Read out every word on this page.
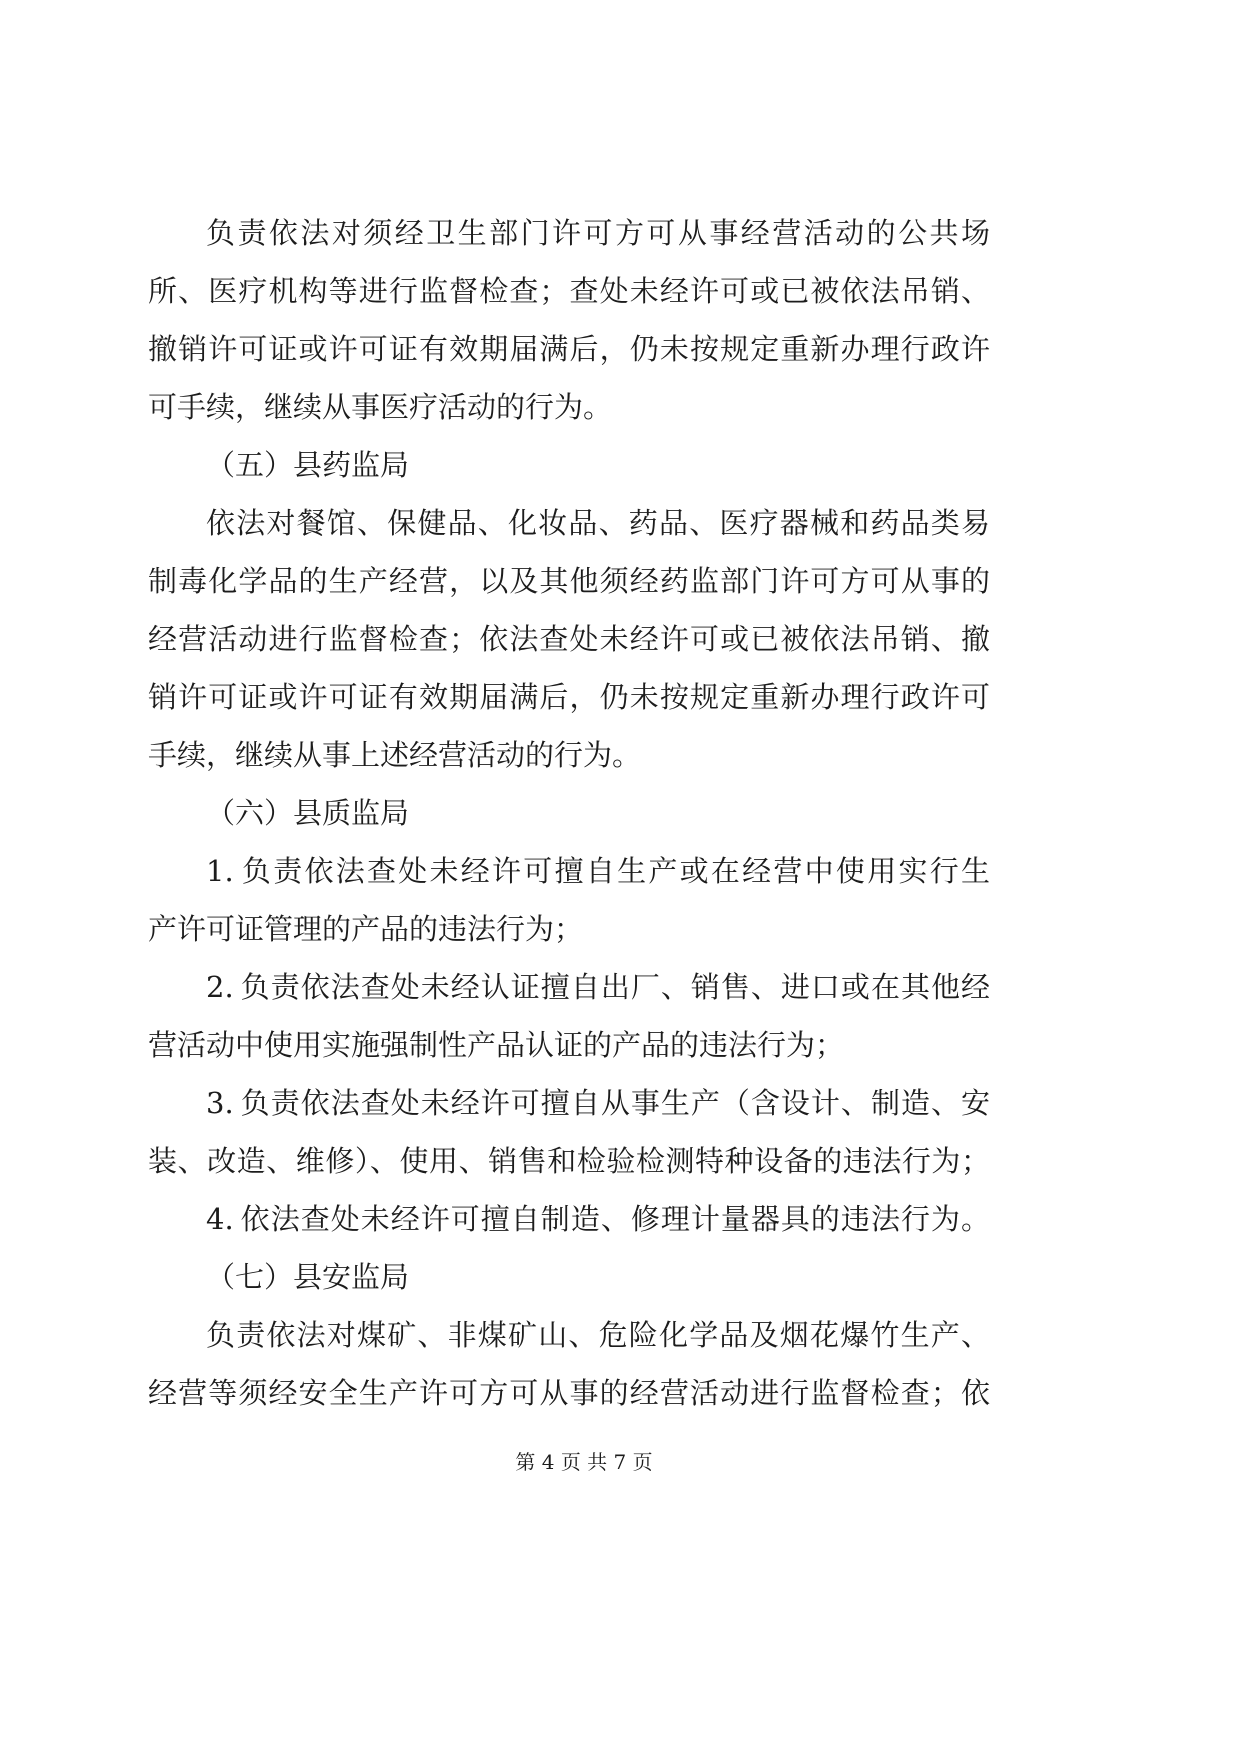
负责依法对须经卫生部门许可方可从事经营活动的公共场
所、医疗机构等进行监督检查；查处未经许可或已被依法吊销、
撤销许可证或许可证有效期届满后，仍未按规定重新办理行政许
可手续，继续从事医疗活动的行为。
（五）县药监局
依法对餐馆、保健品、化妆品、药品、医疗器械和药品类易
制毒化学品的生产经营，以及其他须经药监部门许可方可从事的
经营活动进行监督检查；依法查处未经许可或已被依法吊销、撤
销许可证或许可证有效期届满后，仍未按规定重新办理行政许可
手续，继续从事上述经营活动的行为。
（六）县质监局
1. 负责依法查处未经许可擅自生产或在经营中使用实行生
产许可证管理的产品的违法行为；
2. 负责依法查处未经认证擅自出厂、销售、进口或在其他经
营活动中使用实施强制性产品认证的产品的违法行为；
3. 负责依法查处未经许可擅自从事生产（含设计、制造、安
装、改造、维修）、使用、销售和检验检测特种设备的违法行为；
4. 依法查处未经许可擅自制造、修理计量器具的违法行为。
（七）县安监局
负责依法对煤矿、非煤矿山、危险化学品及烟花爆竹生产、
经营等须经安全生产许可方可从事的经营活动进行监督检查；依
第 4 页 共 7 页
